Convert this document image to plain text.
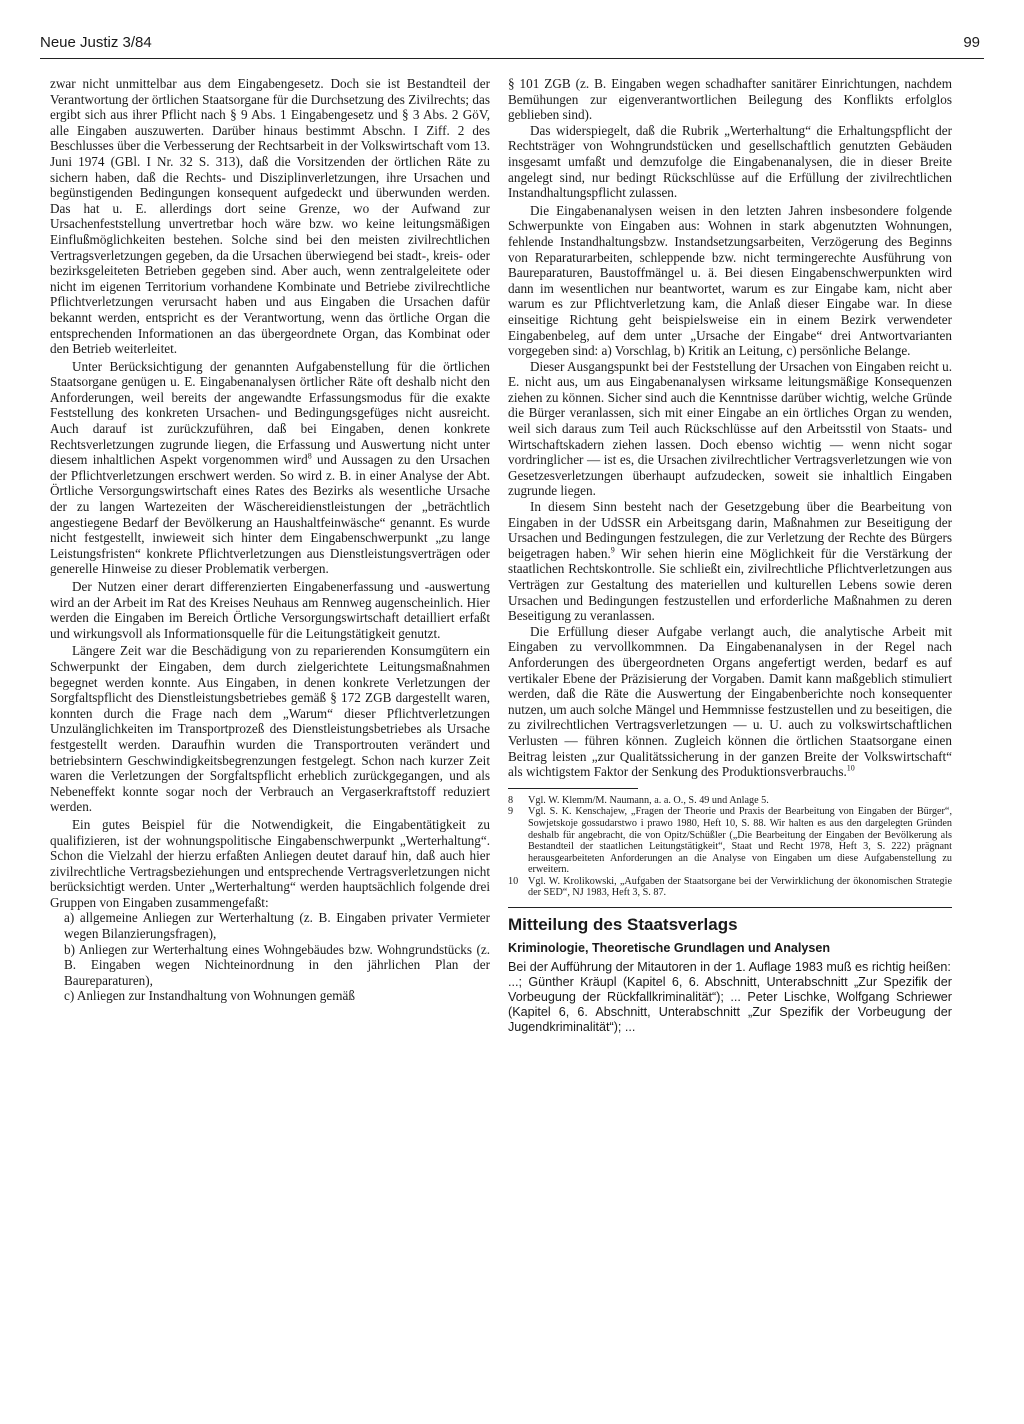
Neue Justiz 3/84	99

zwar nicht unmittelbar aus dem Eingabengesetz. Doch sie ist Bestandteil der Verantwortung der örtlichen Staatsorgane für die Durchsetzung des Zivilrechts; das ergibt sich aus ihrer Pflicht nach § 9 Abs. 1 Eingabengesetz und § 3 Abs. 2 GöV, alle Eingaben auszuwerten. Darüber hinaus bestimmt Abschn. I Ziff. 2 des Beschlusses über die Verbesserung der Rechtsarbeit in der Volkswirtschaft vom 13. Juni 1974 (GBl. I Nr. 32 S. 313), daß die Vorsitzenden der örtlichen Räte zu sichern haben, daß die Rechts- und Disziplinverletzungen, ihre Ursachen und begünstigenden Bedingungen konsequent aufgedeckt und überwunden werden. Das hat u. E. allerdings dort seine Grenze, wo der Aufwand zur Ursachenfeststellung unvertretbar hoch wäre bzw. wo keine leitungsmäßigen Einflußmöglichkeiten bestehen. Solche sind bei den meisten zivilrechtlichen Vertragsverletzungen gegeben, da die Ursachen überwiegend bei stadt-, kreis- oder bezirksgeleiteten Betrieben gegeben sind. Aber auch, wenn zentralgeleitete oder nicht im eigenen Territorium vorhandene Kombinate und Betriebe zivilrechtliche Pflichtverletzungen verursacht haben und aus Eingaben die Ursachen dafür bekannt werden, entspricht es der Verantwortung, wenn das örtliche Organ die entsprechenden Informationen an das übergeordnete Organ, das Kombinat oder den Betrieb weiterleitet.

Unter Berücksichtigung der genannten Aufgabenstellung für die örtlichen Staatsorgane genügen u. E. Eingabenanalysen örtlicher Räte oft deshalb nicht den Anforderungen, weil bereits der angewandte Erfassungsmodus für die exakte Feststellung des konkreten Ursachen- und Bedingungsgefüges nicht ausreicht. Auch darauf ist zurückzuführen, daß bei Eingaben, denen konkrete Rechtsverletzungen zugrunde liegen, die Erfassung und Auswertung nicht unter diesem inhaltlichen Aspekt vorgenommen wird$^8$ und Aussagen zu den Ursachen der Pflichtverletzungen erschwert werden. So wird z. B. in einer Analyse der Abt. Örtliche Versorgungswirtschaft eines Rates des Bezirks als wesentliche Ursache der zu langen Wartezeiten der Wäschereidienstleistungen der „beträchtlich angestiegene Bedarf der Bevölkerung an Haushaltfeinwäsche“ genannt. Es wurde nicht festgestellt, inwieweit sich hinter dem Eingabenschwerpunkt „zu lange Leistungsfristen“ konkrete Pflichtverletzungen aus Dienstleistungsverträgen oder generelle Hinweise zu dieser Problematik verbergen.

Der Nutzen einer derart differenzierten Eingabenerfassung und -auswertung wird an der Arbeit im Rat des Kreises Neuhaus am Rennweg augenscheinlich. Hier werden die Eingaben im Bereich Örtliche Versorgungswirtschaft detailliert erfaßt und wirkungsvoll als Informationsquelle für die Leitungstätigkeit genutzt.

Längere Zeit war die Beschädigung von zu reparierenden Konsumgütern ein Schwerpunkt der Eingaben, dem durch zielgerichtete Leitungsmaßnahmen begegnet werden konnte. Aus Eingaben, in denen konkrete Verletzungen der Sorgfaltspflicht des Dienstleistungsbetriebes gemäß § 172 ZGB dargestellt waren, konnten durch die Frage nach dem „Warum“ dieser Pflichtverletzungen Unzulänglichkeiten im Transportprozeß des Dienstleistungsbetriebes als Ursache festgestellt werden. Daraufhin wurden die Transportrouten verändert und betriebsintern Geschwindigkeitsbegrenzungen festgelegt. Schon nach kurzer Zeit waren die Verletzungen der Sorgfaltspflicht erheblich zurückgegangen, und als Nebeneffekt konnte sogar noch der Verbrauch an Vergaserkraftstoff reduziert werden.

Ein gutes Beispiel für die Notwendigkeit, die Eingabentätigkeit zu qualifizieren, ist der wohnungspolitische Eingabenschwerpunkt „Werterhaltung“. Schon die Vielzahl der hierzu erfaßten Anliegen deutet darauf hin, daß auch hier zivilrechtliche Vertragsbeziehungen und entsprechende Vertragsverletzungen nicht berücksichtigt werden. Unter „Werterhaltung“ werden hauptsächlich folgende drei Gruppen von Eingaben zusammengefaßt:

a) allgemeine Anliegen zur Werterhaltung (z. B. Eingaben privater Vermieter wegen Bilanzierungsfragen),

b) Anliegen zur Werterhaltung eines Wohngebäudes bzw. Wohngrundstücks (z. B. Eingaben wegen Nichteinordnung in den jährlichen Plan der Baureparaturen),

c) Anliegen zur Instandhaltung von Wohnungen gemäß

§ 101 ZGB (z. B. Eingaben wegen schadhafter sanitärer Einrichtungen, nachdem Bemühungen zur eigenverantwortlichen Beilegung des Konflikts erfolglos geblieben sind).

Das widerspiegelt, daß die Rubrik „Werterhaltung“ die Erhaltungspflicht der Rechtsträger von Wohngrundstücken und gesellschaftlich genutzten Gebäuden insgesamt umfaßt und demzufolge die Eingabenanalysen, die in dieser Breite angelegt sind, nur bedingt Rückschlüsse auf die Erfüllung der zivilrechtlichen Instandhaltungspflicht zulassen.

Die Eingabenanalysen weisen in den letzten Jahren insbesondere folgende Schwerpunkte von Eingaben aus: Wohnen in stark abgenutzten Wohnungen, fehlende Instandhaltungsbzw. Instandsetzungsarbeiten, Verzögerung des Beginns von Reparaturarbeiten, schleppende bzw. nicht termingerechte Ausführung von Baureparaturen, Baustoffmängel u. ä. Bei diesen Eingabenschwerpunkten wird dann im wesentlichen nur beantwortet, warum es zur Eingabe kam, nicht aber warum es zur Pflichtverletzung kam, die Anlaß dieser Eingabe war. In diese einseitige Richtung geht beispielsweise ein in einem Bezirk verwendeter Eingabenbeleg, auf dem unter „Ursache der Eingabe“ drei Antwortvarianten vorgegeben sind: a) Vorschlag, b) Kritik an Leitung, c) persönliche Belange.

Dieser Ausgangspunkt bei der Feststellung der Ursachen von Eingaben reicht u. E. nicht aus, um aus Eingabenanalysen wirksame leitungsmäßige Konsequenzen ziehen zu können. Sicher sind auch die Kenntnisse darüber wichtig, welche Gründe die Bürger veranlassen, sich mit einer Eingabe an ein örtliches Organ zu wenden, weil sich daraus zum Teil auch Rückschlüsse auf den Arbeitsstil von Staats- und Wirtschaftskadern ziehen lassen. Doch ebenso wichtig — wenn nicht sogar vordringlicher — ist es, die Ursachen zivilrechtlicher Vertragsverletzungen wie von Gesetzesverletzungen überhaupt aufzudecken, soweit sie inhaltlich Eingaben zugrunde liegen.

In diesem Sinn besteht nach der Gesetzgebung über die Bearbeitung von Eingaben in der UdSSR ein Arbeitsgang darin, Maßnahmen zur Beseitigung der Ursachen und Bedingungen festzulegen, die zur Verletzung der Rechte des Bürgers beigetragen haben.$^9$ Wir sehen hierin eine Möglichkeit für die Verstärkung der staatlichen Rechtskontrolle. Sie schließt ein, zivilrechtliche Pflichtverletzungen aus Verträgen zur Gestaltung des materiellen und kulturellen Lebens sowie deren Ursachen und Bedingungen festzustellen und erforderliche Maßnahmen zu deren Beseitigung zu veranlassen.

Die Erfüllung dieser Aufgabe verlangt auch, die analytische Arbeit mit Eingaben zu vervollkommnen. Da Eingabenanalysen in der Regel nach Anforderungen des übergeordneten Organs angefertigt werden, bedarf es auf vertikaler Ebene der Präzisierung der Vorgaben. Damit kann maßgeblich stimuliert werden, daß die Räte die Auswertung der Eingabenberichte noch konsequenter nutzen, um auch solche Mängel und Hemmnisse festzustellen und zu beseitigen, die zu zivilrechtlichen Vertragsverletzungen — u. U. auch zu volkswirtschaftlichen Verlusten — führen können. Zugleich können die örtlichen Staatsorgane einen Beitrag leisten „zur Qualitätssicherung in der ganzen Breite der Volkswirtschaft“ als wichtigstem Faktor der Senkung des Produktionsverbrauchs.$^{10}$

8	Vgl. W. Klemm/M. Naumann, a. a. O., S. 49 und Anlage 5.
9	Vgl. S. K. Kenschajew, „Fragen der Theorie und Praxis der Bearbeitung von Eingaben der Bürger“, Sowjetskoje gossudarstwo i prawo 1980, Heft 10, S. 88. Wir halten es aus den dargelegten Gründen deshalb für angebracht, die von Opitz/Schüßler („Die Bearbeitung der Eingaben der Bevölkerung als Bestandteil der staatlichen Leitungstätigkeit“, Staat und Recht 1978, Heft 3, S. 222) prägnant herausgearbeiteten Anforderungen an die Analyse von Eingaben um diese Aufgabenstellung zu erweitern.
10 Vgl. W. Krolikowski, „Aufgaben der Staatsorgane bei der Verwirklichung der ökonomischen Strategie der SED“, NJ 1983, Heft 3, S. 87.
Mitteilung des Staatsverlags
Kriminologie, Theoretische Grundlagen und Analysen

Bei der Aufführung der Mitautoren in der 1. Auflage 1983 muß es richtig heißen:

...; Günther Kräupl (Kapitel 6, 6. Abschnitt, Unterabschnitt „Zur Spezifik der Vorbeugung der Rückfallkriminalität“); ... Peter Lischke, Wolfgang Schriewer (Kapitel 6, 6. Abschnitt, Unterabschnitt „Zur Spezifik der Vorbeugung der Jugendkriminalität“); ...
